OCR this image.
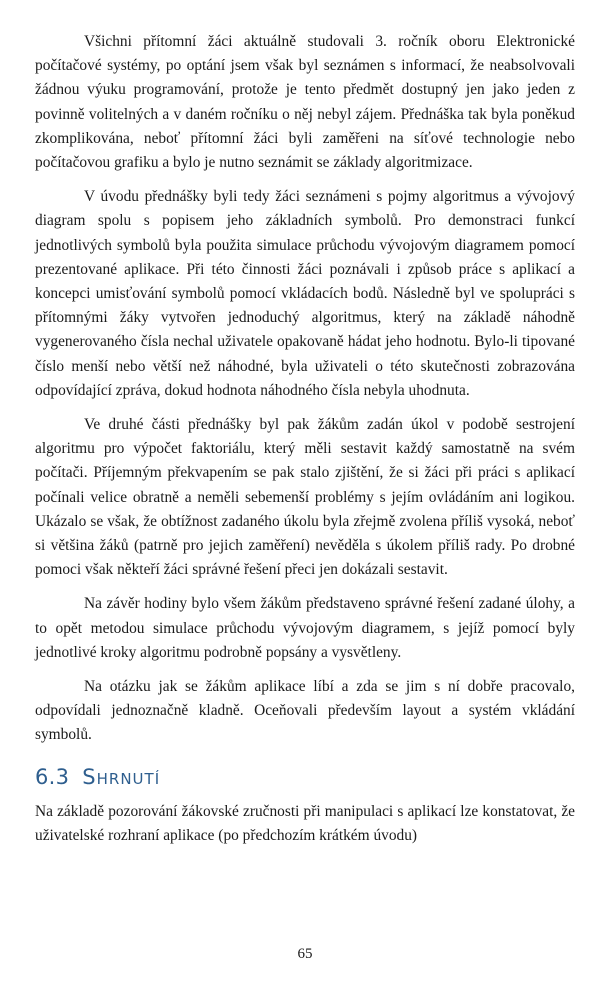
Všichni přítomní žáci aktuálně studovali 3. ročník oboru Elektronické počítačové systémy, po optání jsem však byl seznámen s informací, že neabsolvovali žádnou výuku programování, protože je tento předmět dostupný jen jako jeden z povinně volitelných a v daném ročníku o něj nebyl zájem. Přednáška tak byla poněkud zkomplikována, neboť přítomní žáci byli zaměřeni na síťové technologie nebo počítačovou grafiku a bylo je nutno seznámit se základy algoritmizace.

V úvodu přednášky byli tedy žáci seznámeni s pojmy algoritmus a vývojový diagram spolu s popisem jeho základních symbolů. Pro demonstraci funkcí jednotlivých symbolů byla použita simulace průchodu vývojovým diagramem pomocí prezentované aplikace. Při této činnosti žáci poznávali i způsob práce s aplikací a koncepci umisťování symbolů pomocí vkládacích bodů. Následně byl ve spolupráci s přítomnými žáky vytvořen jednoduchý algoritmus, který na základě náhodně vygenerovaného čísla nechal uživatele opakovaně hádat jeho hodnotu. Bylo-li tipované číslo menší nebo větší než náhodné, byla uživateli o této skutečnosti zobrazována odpovídající zpráva, dokud hodnota náhodného čísla nebyla uhodnuta.

Ve druhé části přednášky byl pak žákům zadán úkol v podobě sestrojení algoritmu pro výpočet faktoriálu, který měli sestavit každý samostatně na svém počítači. Příjemným překvapením se pak stalo zjištění, že si žáci při práci s aplikací počínali velice obratně a neměli sebemenší problémy s jejím ovládáním ani logikou. Ukázalo se však, že obtížnost zadaného úkolu byla zřejmě zvolena příliš vysoká, neboť si většina žáků (patrně pro jejich zaměření) nevěděla s úkolem příliš rady. Po drobné pomoci však někteří žáci správné řešení přeci jen dokázali sestavit.

Na závěr hodiny bylo všem žákům představeno správné řešení zadané úlohy, a to opět metodou simulace průchodu vývojovým diagramem, s jejíž pomocí byly jednotlivé kroky algoritmu podrobně popsány a vysvětleny.

Na otázku jak se žákům aplikace líbí a zda se jim s ní dobře pracovalo, odpovídali jednoznačně kladně. Oceňovali především layout a systém vkládání symbolů.

6.3 Shrnutí

Na základě pozorování žákovské zručnosti při manipulaci s aplikací lze konstatovat, že uživatelské rozhraní aplikace (po předchozím krátkém úvodu)

65
